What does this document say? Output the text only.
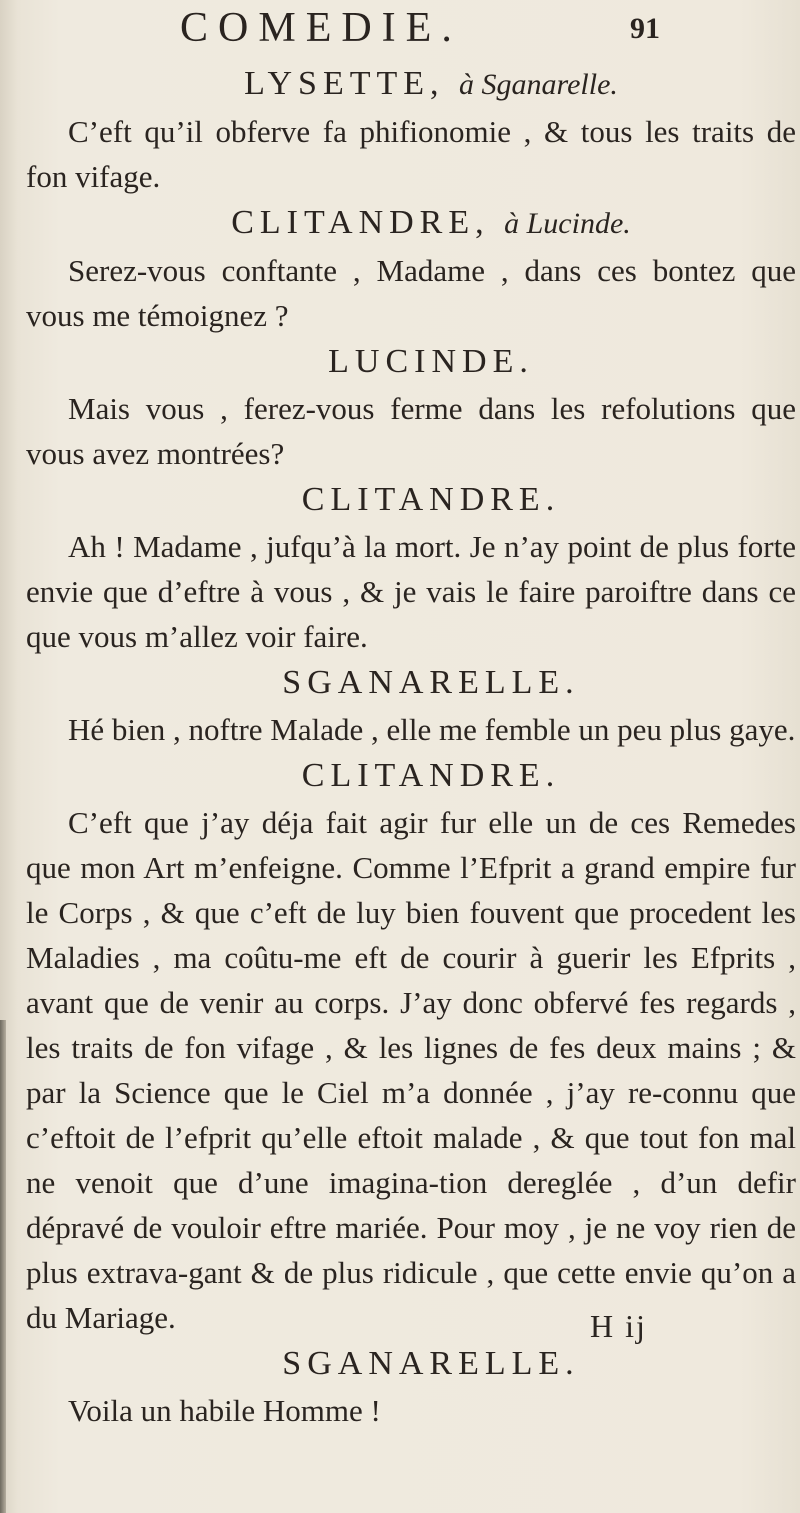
COMEDIE.	91
LYSETTE, à Sganarelle.

C’eft qu’il obferve fa phifionomie , & tous les traits de fon vifage.

CLITANDRE, à Lucinde.

Serez-vous conftante , Madame , dans ces bontez que vous me témoignez ?

LUCINDE.

Mais vous , ferez-vous ferme dans les refolutions que vous avez montrées?

CLITANDRE.

Ah ! Madame , jufqu’à la mort. Je n’ay point de plus forte envie que d’eftre à vous , & je vais le faire paroiftre dans ce que vous m’allez voir faire.

SGANARELLE.

Hé bien , noftre Malade , elle me femble un peu plus gaye.

CLITANDRE.

C’eft que j’ay déja fait agir fur elle un de ces Remedes que mon Art m’enfeigne. Comme l’Efprit a grand empire fur le Corps , & que c’eft de luy bien fouvent que procedent les Maladies , ma coûtu-me eft de courir à guerir les Efprits , avant que de venir au corps. J’ay donc obfervé fes regards , les traits de fon vifage , & les lignes de fes deux mains ; & par la Science que le Ciel m’a donnée , j’ay re-connu que c’eftoit de l’efprit qu’elle eftoit malade , & que tout fon mal ne venoit que d’une imagina-tion dereglée , d’un defir dépravé de vouloir eftre mariée. Pour moy , je ne voy rien de plus extrava-gant & de plus ridicule , que cette envie qu’on a du Mariage.

SGANARELLE.

Voila un habile Homme !

H ij
